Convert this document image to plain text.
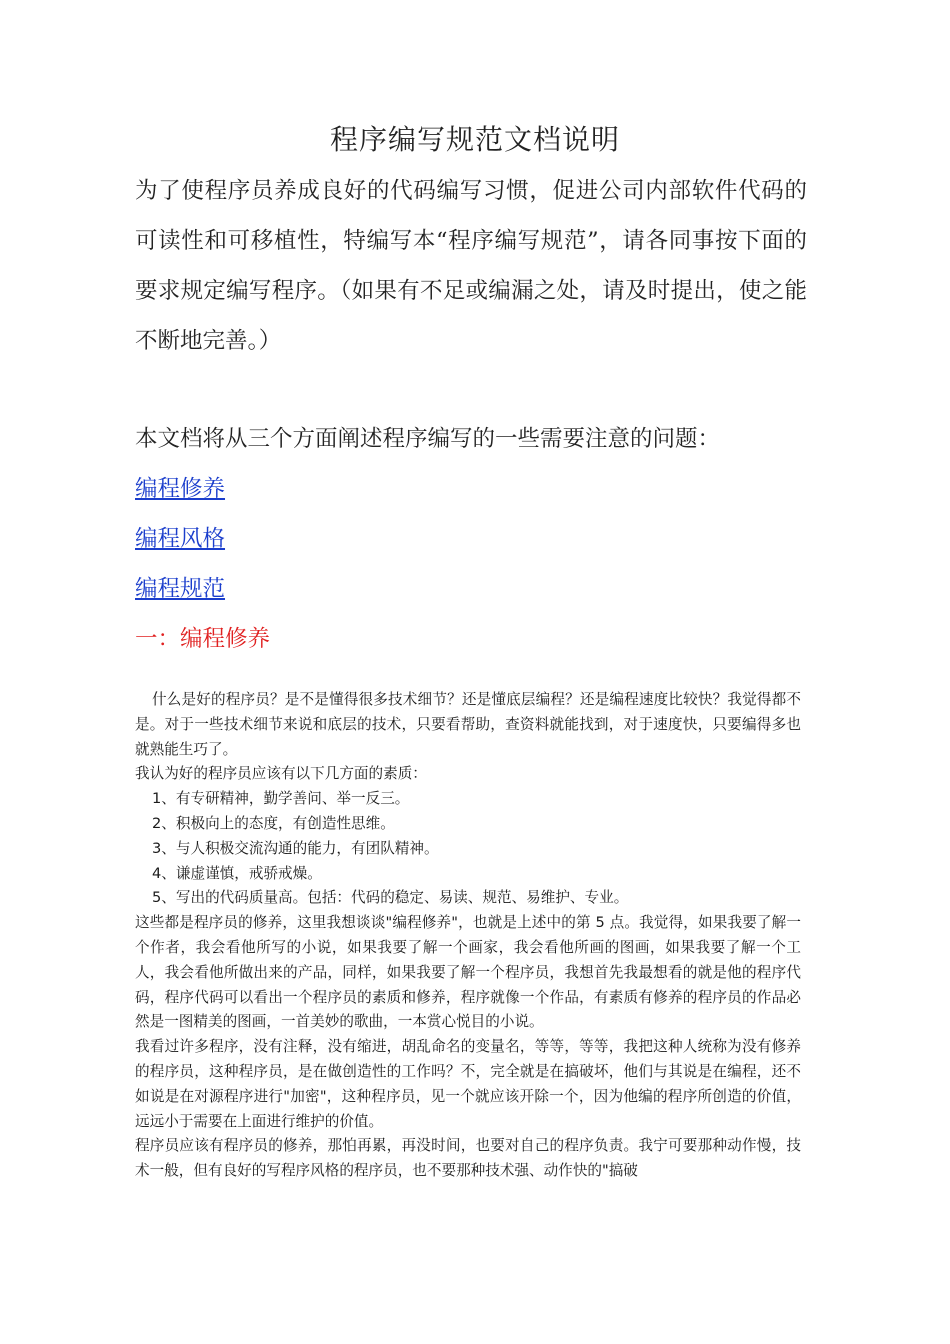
程序编写规范文档说明

为了使程序员养成良好的代码编写习惯，促进公司内部软件代码的可读性和可移植性，特编写本“程序编写规范”，请各同事按下面的要求规定编写程序。（如果有不足或编漏之处，请及时提出，使之能不断地完善。）

本文档将从三个方面阐述程序编写的一些需要注意的问题：

编程修养
编程风格
编程规范
一：编程修养

什么是好的程序员？是不是懂得很多技术细节？还是懂底层编程？还是编程速度比较快？我觉得都不是。对于一些技术细节来说和底层的技术，只要看帮助，查资料就能找到，对于速度快，只要编得多也就熟能生巧了。

我认为好的程序员应该有以下几方面的素质：

1、有专研精神，勤学善问、举一反三。

2、积极向上的态度，有创造性思维。

3、与人积极交流沟通的能力，有团队精神。

4、谦虚谨慎，戒骄戒燥。

5、写出的代码质量高。包括：代码的稳定、易读、规范、易维护、专业。

这些都是程序员的修养，这里我想谈谈"编程修养"，也就是上述中的第 5 点。我觉得，如果我要了解一个作者，我会看他所写的小说，如果我要了解一个画家，我会看他所画的图画，如果我要了解一个工人，我会看他所做出来的产品，同样，如果我要了解一个程序员，我想首先我最想看的就是他的程序代码，程序代码可以看出一个程序员的素质和修养，程序就像一个作品，有素质有修养的程序员的作品必然是一图精美的图画，一首美妙的歌曲，一本赏心悦目的小说。

我看过许多程序，没有注释，没有缩进，胡乱命名的变量名，等等，等等，我把这种人统称为没有修养的程序员，这种程序员，是在做创造性的工作吗？不，完全就是在搞破坏，他们与其说是在编程，还不如说是在对源程序进行"加密"，这种程序员，见一个就应该开除一个，因为他编的程序所创造的价值，远远小于需要在上面进行维护的价值。

程序员应该有程序员的修养，那怕再累，再没时间，也要对自己的程序负责。我宁可要那种动作慢，技术一般，但有良好的写程序风格的程序员，也不要那种技术强、动作快的"搞破
